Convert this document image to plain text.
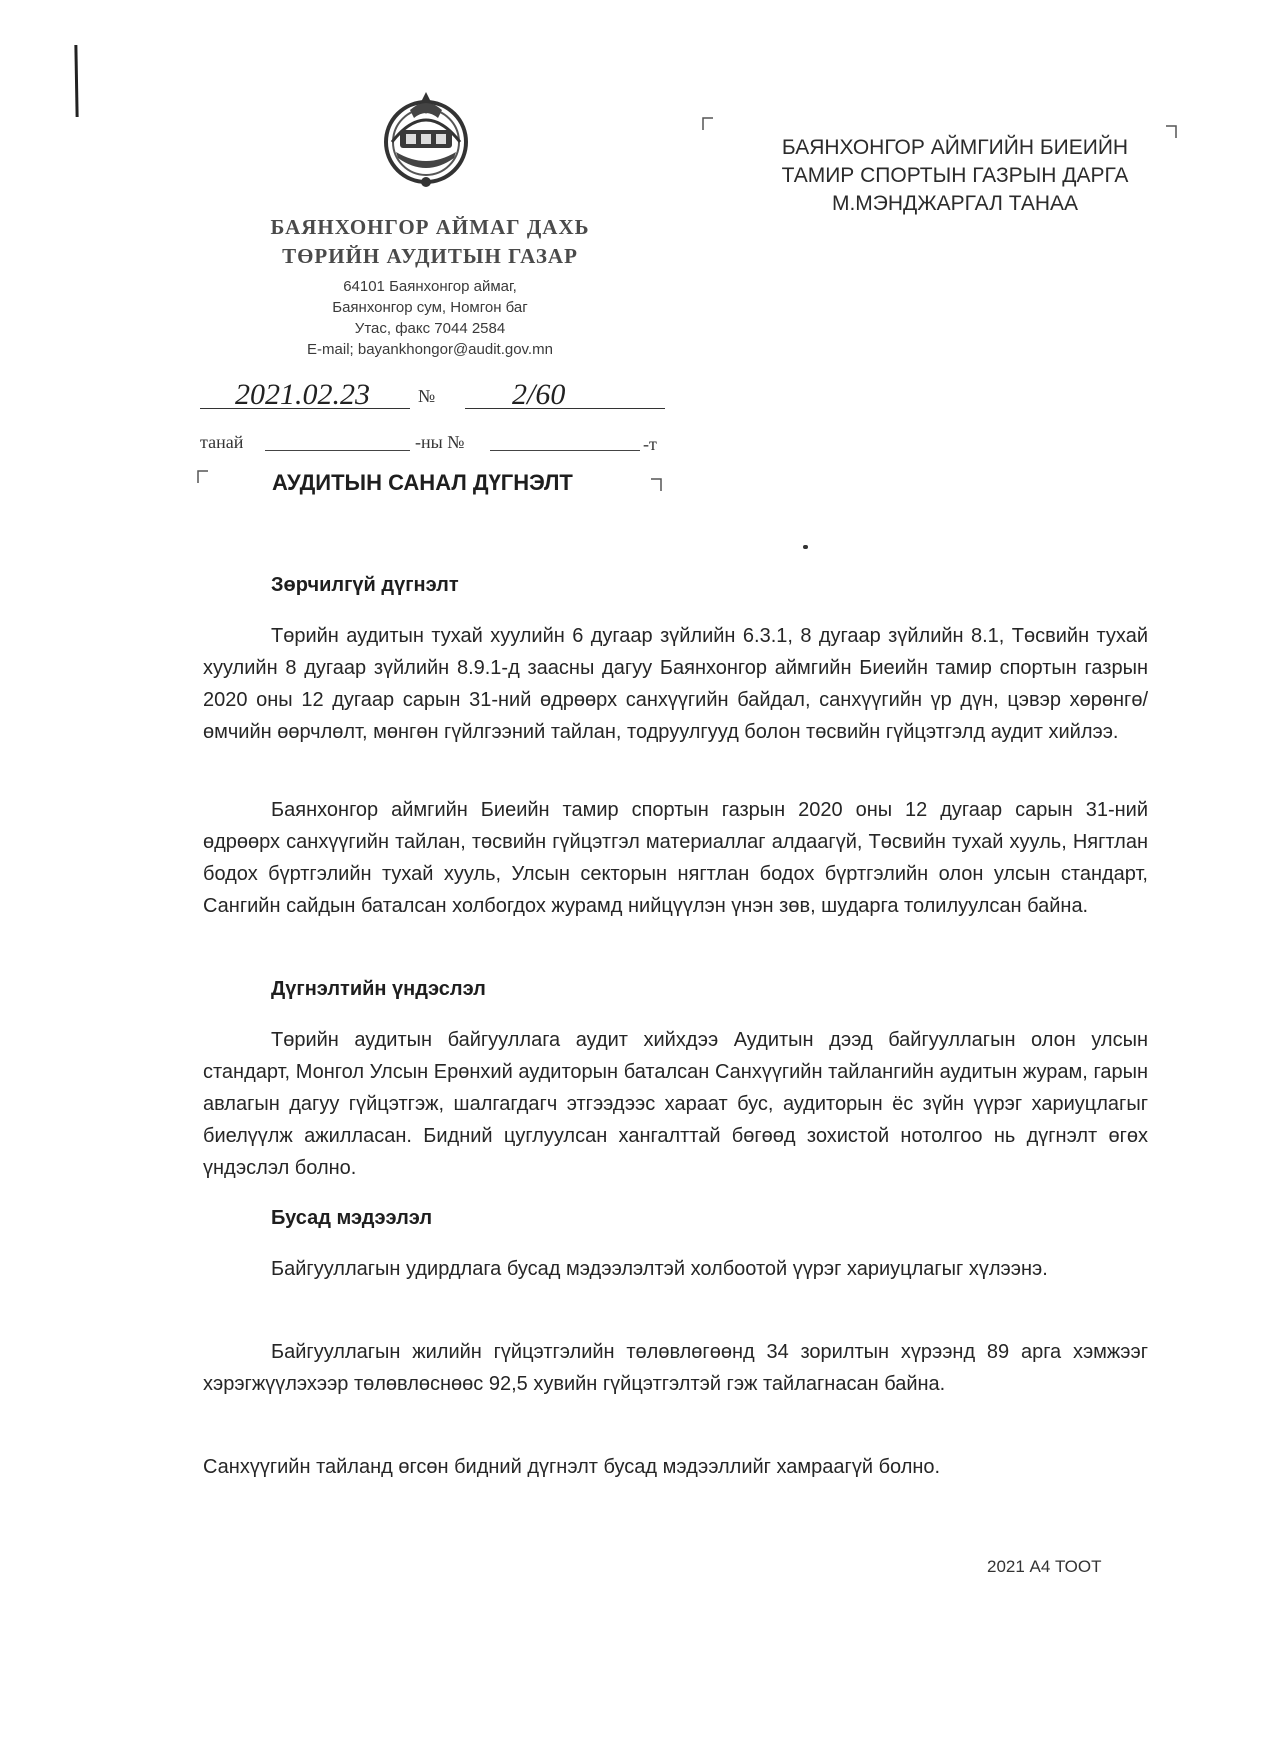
БАЯНХОНГОР АЙМАГ ДАХЬ
ТӨРИЙН АУДИТЫН ГАЗАР
64101 Баянхонгор аймаг,
Баянхонгор сум, Номгон баг
Утас, факс 7044 2584
E-mail; bayankhongor@audit.gov.mn
2021.02.23	№	2/60
танай	-ны №	-т
БАЯНХОНГОР АЙМГИЙН БИЕИЙН
ТАМИР СПОРТЫН ГАЗРЫН ДАРГА
М.МЭНДЖАРГАЛ ТАНАА
АУДИТЫН САНАЛ ДҮГНЭЛТ
Зөрчилгүй дүгнэлт
Төрийн аудитын тухай хуулийн 6 дугаар зүйлийн 6.3.1, 8 дугаар зүйлийн 8.1, Төсвийн тухай хуулийн 8 дугаар зүйлийн 8.9.1-д заасны дагуу Баянхонгор аймгийн Биеийн тамир спортын газрын 2020 оны 12 дугаар сарын 31-ний өдрөөрх санхүүгийн байдал, санхүүгийн үр дүн, цэвэр хөрөнгө/өмчийн өөрчлөлт, мөнгөн гүйлгээний тайлан, тодруулгууд болон төсвийн гүйцэтгэлд аудит хийлээ.
Баянхонгор аймгийн Биеийн тамир спортын газрын 2020 оны 12 дугаар сарын 31-ний өдрөөрх санхүүгийн тайлан, төсвийн гүйцэтгэл материаллаг алдаагүй, Төсвийн тухай хууль, Нягтлан бодох бүртгэлийн тухай хууль, Улсын секторын нягтлан бодох бүртгэлийн олон улсын стандарт, Сангийн сайдын баталсан холбогдох журамд нийцүүлэн үнэн зөв, шударга толилуулсан байна.
Дүгнэлтийн үндэслэл
Төрийн аудитын байгууллага аудит хийхдээ Аудитын дээд байгууллагын олон улсын стандарт, Монгол Улсын Ерөнхий аудиторын баталсан Санхүүгийн тайлангийн аудитын журам, гарын авлагын дагуу гүйцэтгэж, шалгагдагч этгээдээс хараат бус, аудиторын ёс зүйн үүрэг хариуцлагыг биелүүлж ажилласан. Бидний цуглуулсан хангалттай бөгөөд зохистой нотолгоо нь дүгнэлт өгөх үндэслэл болно.
Бусад мэдээлэл
Байгууллагын удирдлага бусад мэдээлэлтэй холбоотой үүрэг хариуцлагыг хүлээнэ.
Байгууллагын жилийн гүйцэтгэлийн төлөвлөгөөнд 34 зорилтын хүрээнд 89 арга хэмжээг хэрэгжүүлэхээр төлөвлөснөөс 92,5 хувийн гүйцэтгэлтэй гэж тайлагнасан байна.
Санхүүгийн тайланд өгсөн бидний дүгнэлт бусад мэдээллийг хамраагүй болно.
2021 А4 ТООТ
